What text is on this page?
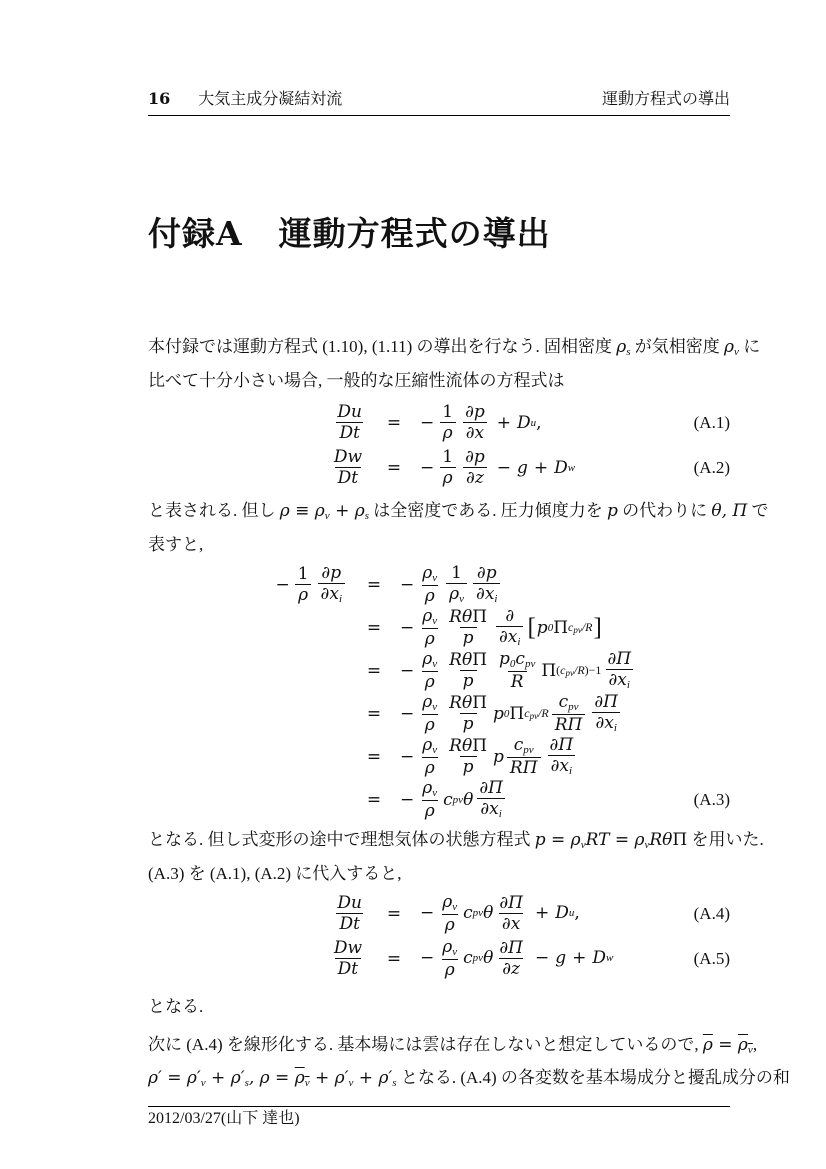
16 大気主成分凝結対流	運動方程式の導出
付録A 運動方程式の導出
本付録では運動方程式 (1.10), (1.11) の導出を行なう. 固相密度 ρs が気相密度 ρv に
比べて十分小さい場合, 一般的な圧縮性流体の方程式は
$\frac{Du}{Dt}$	=	− $\frac{1}{\rho} \frac{\partial p}{\partial x} + D$ u ,	(A.1)
$\frac{Dw}{Dt}$	=	− $\frac{1}{\rho} \frac{\partial p}{\partial z} - g + D$ w	(A.2)
と表される. 但し ρ ≡ ρv + ρs は全密度である. 圧力傾度力を p の代わりに θ, Π で
表すと,
− $\frac{1}{\rho} \frac{\partial p}{\partial xi}$	=	− $\frac{\rho v}{\rho} \frac{1}{\rho v} \frac{\partial p}{\partial xi}$
=	− $\frac{\rho v}{\rho} \frac{\text{RθΠ}}{p} \frac{\partial}{\partial xi}$ [ p 0 Π cpv/R ]
=	− $\frac{\rho v}{\rho} \frac{\text{RθΠ}}{p} \frac{\text{p0cpv}}{R}$ Π $(cpv/R)-1 \frac{\partial\Pi}{\partial xi}$
=	− $\frac{\rho v}{\rho} \frac{\text{RθΠ}}{p}$ p 0 Π $cpv/R \frac{\text{cpv}}{R\Pi} \frac{\partial\Pi}{\partial xi}$
=	− $\frac{\rho v}{\rho} \frac{\text{RθΠ}}{p}$ p $\frac{\text{cpv}}{R\Pi} \frac{\partial\Pi}{\partial xi}$
=	− $\frac{\rho v}{\rho}$ c pv θ $\frac{\partial\Pi}{\partial xi}$	(A.3)
となる. 但し式変形の途中で理想気体の状態方程式 p = ρvRT = ρvRθΠ を用いた.
(A.3) を (A.1), (A.2) に代入すると,
$\frac{Du}{Dt}$	=	− $\frac{\rho v}{\rho}$ c pv θ $\frac{\partial\Pi}{\partial x} + D$ u ,	(A.4)
$\frac{Dw}{Dt}$	=	− $\frac{\rho v}{\rho}$ c pv θ $\frac{\partial\Pi}{\partial z} - g + D$ w	(A.5)
となる.
次に (A.4) を線形化する. 基本場には雲は存在しないと想定しているので, $\overline{\rho} = \rho v$,
ρ′ = ρ′v + ρ′s, ρ = ρv + ρ′v + ρ′s となる. (A.4) の各変数を基本場成分と擾乱成分の和
2012/03/27(山下 達也)
